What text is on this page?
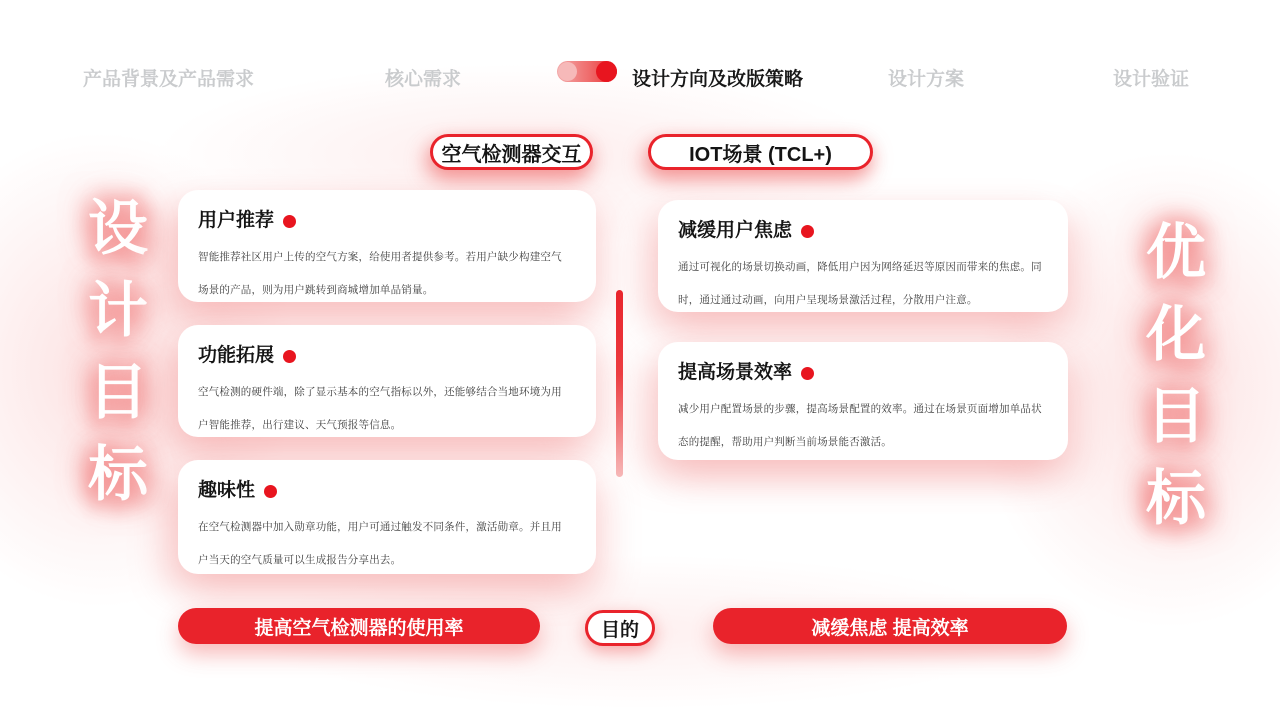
产品背景及产品需求	核心需求	设计方向及改版策略	设计方案	设计验证
空气检测器交互	IOT场景 (TCL+)
设计目标	优化目标
用户推荐

智能推荐社区用户上传的空气方案，给使用者提供参考。若用户缺少构建空气场景的产品，则为用户跳转到商城增加单品销量。

功能拓展

空气检测的硬件端，除了显示基本的空气指标以外，还能够结合当地环境为用户智能推荐，出行建议、天气预报等信息。

趣味性

在空气检测器中加入勋章功能，用户可通过触发不同条件，激活勋章。并且用户当天的空气质量可以生成报告分享出去。

减缓用户焦虑

通过可视化的场景切换动画，降低用户因为网络延迟等原因而带来的焦虑。同时，通过通过动画，向用户呈现场景激活过程，分散用户注意。

提高场景效率

减少用户配置场景的步骤，提高场景配置的效率。通过在场景页面增加单品状态的提醒，帮助用户判断当前场景能否激活。

提高空气检测器的使用率	目的	减缓焦虑 提高效率
